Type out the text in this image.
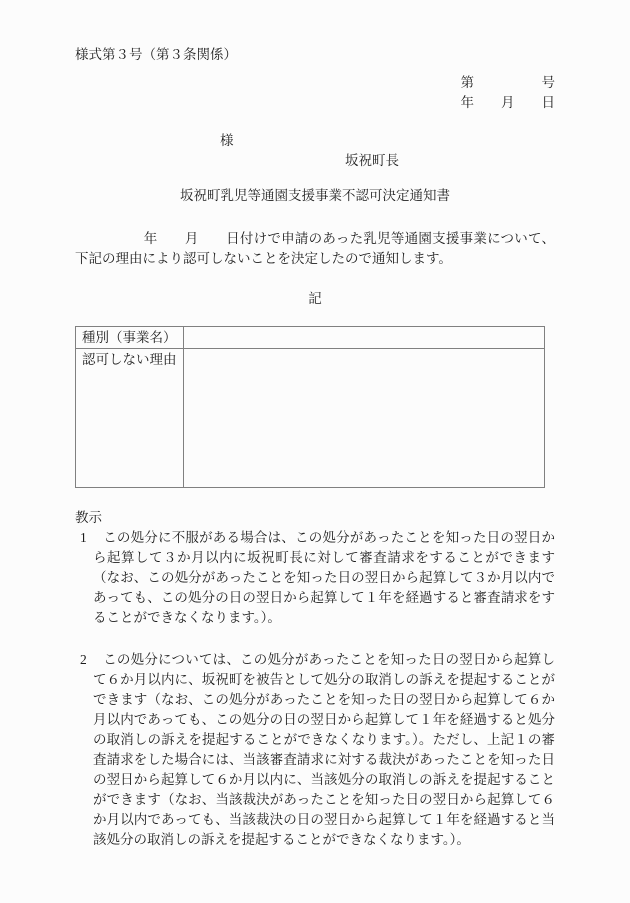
様式第３号（第３条関係）
第　　　　　号
年　　月　　日
様
坂祝町長
坂祝町乳児等通園支援事業不認可決定通知書

　　　　　年　　月　　日付けで申請のあった乳児等通園支援事業について、下記の理由により認可しないことを決定したので通知します。

記
種別（事業名）	
認可しない理由	
教示
1 この処分に不服がある場合は、この処分があったことを知った日の翌日から起算して３か月以内に坂祝町長に対して審査請求をすることができます（なお、この処分があったことを知った日の翌日から起算して３か月以内であっても、この処分の日の翌日から起算して１年を経過すると審査請求をすることができなくなります。）。
2 この処分については、この処分があったことを知った日の翌日から起算して６か月以内に、坂祝町を被告として処分の取消しの訴えを提起することができます（なお、この処分があったことを知った日の翌日から起算して６か月以内であっても、この処分の日の翌日から起算して１年を経過すると処分の取消しの訴えを提起することができなくなります。）。ただし、上記１の審査請求をした場合には、当該審査請求に対する裁決があったことを知った日の翌日から起算して６か月以内に、当該処分の取消しの訴えを提起することができます（なお、当該裁決があったことを知った日の翌日から起算して６か月以内であっても、当該裁決の日の翌日から起算して１年を経過すると当該処分の取消しの訴えを提起することができなくなります。）。
